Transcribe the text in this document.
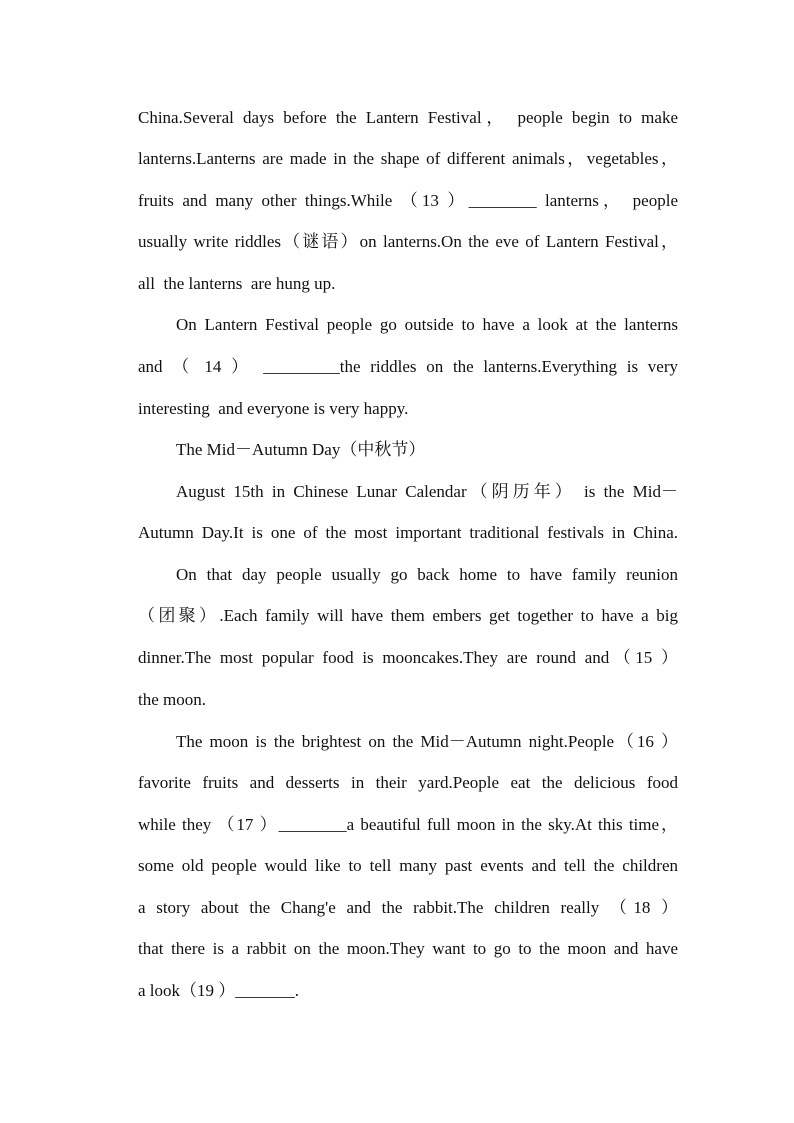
China.Several days before the Lantern Festival， people begin to make
lanterns.Lanterns are made in the shape of different animals，vegetables，
fruits and many other things.While （13 ）________ lanterns， people
usually write riddles（谜语）on lanterns.On the eve of Lantern Festival，
all  the lanterns  are hung up.
On Lantern Festival people go outside to have a look at the lanterns
and （ 14 ） _________the riddles on the lanterns.Everything is very
interesting  and everyone is very happy.
The Mid－Autumn Day（中秋节）
August 15th in Chinese Lunar Calendar（阴历年） is the Mid－
Autumn Day.It is one of the most important traditional festivals in China.
On that day people usually go back home to have family reunion
（团聚）.Each family will have them embers get together to have a big
dinner.The most popular food is mooncakes.They are round and（15 ）
the moon.
The moon is the brightest on the Mid－Autumn night.People（16 ）
favorite fruits and desserts in their yard.People eat the delicious food
while they （17 ）________a beautiful full moon in the sky.At this time，
some old people would like to tell many past events and tell the children
a story about the Chang'e and the rabbit.The children really （18 ）
that there is a rabbit on the moon.They want to go to the moon and have
a look（19 ）_______.
